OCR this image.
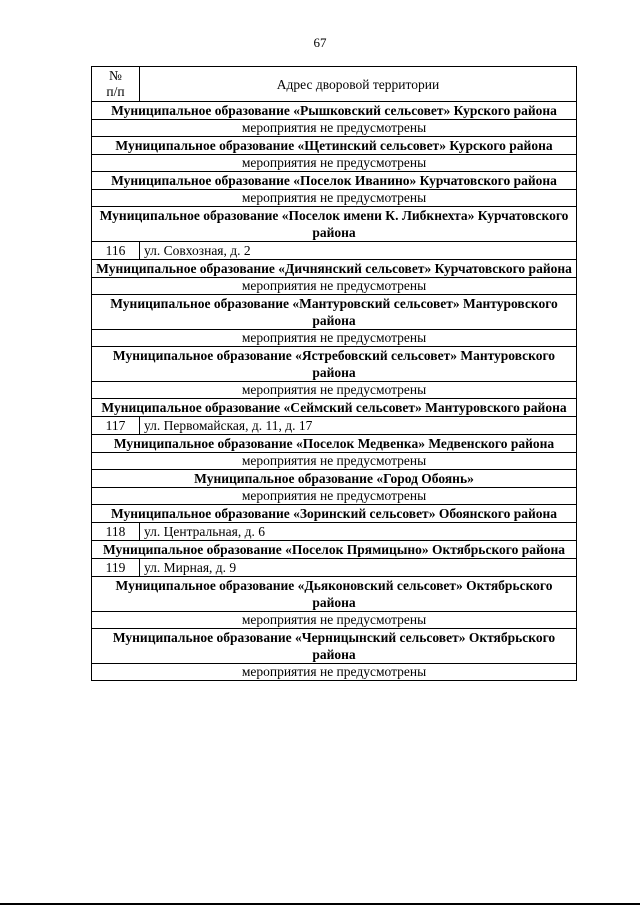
67
№
п/п	Адрес дворовой территории
Муниципальное образование «Рышковский сельсовет» Курского района	
мероприятия не предусмотрены	
Муниципальное образование «Щетинский сельсовет» Курского района	
мероприятия не предусмотрены	
Муниципальное образование «Поселок Иванино» Курчатовского района	
мероприятия не предусмотрены	
Муниципальное образование «Поселок имени К. Либкнехта» Курчатовского района	
116	ул. Совхозная, д. 2
Муниципальное образование «Дичнянский сельсовет» Курчатовского района	
мероприятия не предусмотрены	
Муниципальное образование «Мантуровский сельсовет» Мантуровского района	
мероприятия не предусмотрены	
Муниципальное образование «Ястребовский сельсовет» Мантуровского района	
мероприятия не предусмотрены	
Муниципальное образование «Сеймский сельсовет» Мантуровского района	
117	ул. Первомайская, д. 11, д. 17
Муниципальное образование «Поселок Медвенка» Медвенского района	
мероприятия не предусмотрены	
Муниципальное образование «Город Обоянь»	
мероприятия не предусмотрены	
Муниципальное образование «Зоринский сельсовет» Обоянского района	
118	ул. Центральная, д. 6
Муниципальное образование «Поселок Прямицыно» Октябрьского района	
119	ул. Мирная, д. 9
Муниципальное образование «Дьяконовский сельсовет» Октябрьского района	
мероприятия не предусмотрены	
Муниципальное образование «Черницынский сельсовет» Октябрьского района	
мероприятия не предусмотрены	
